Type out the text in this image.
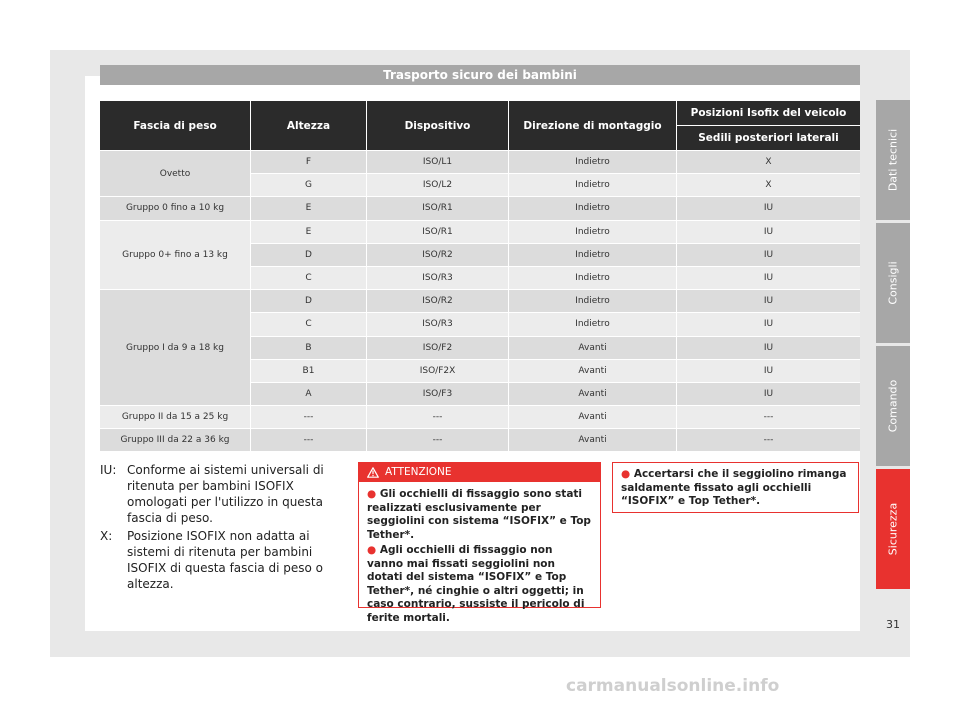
Trasporto sicuro dei bambini
Fascia di peso	Altezza	Dispositivo	Direzione di montaggio	Posizioni Isofix del veicolo
				Sedili posteriori laterali
Ovetto	F	ISO/L1	Indietro	X
	G	ISO/L2	Indietro	X
Gruppo 0 fino a 10 kg	E	ISO/R1	Indietro	IU
Gruppo 0+ fino a 13 kg	E	ISO/R1	Indietro	IU
	D	ISO/R2	Indietro	IU
	C	ISO/R3	Indietro	IU
Gruppo I da 9 a 18 kg	D	ISO/R2	Indietro	IU
	C	ISO/R3	Indietro	IU
	B	ISO/F2	Avanti	IU
	B1	ISO/F2X	Avanti	IU
	A	ISO/F3	Avanti	IU
Gruppo II da 15 a 25 kg	---	---	Avanti	---
Gruppo III da 22 a 36 kg	---	---	Avanti	---
IU: Conforme ai sistemi universali di ritenuta per bambini ISOFIX omologati per l'utilizzo in questa fascia di peso.
X:	Posizione ISOFIX non adatta ai sistemi di ritenuta per bambini ISOFIX di questa fascia di peso o altezza.
ATTENZIONE

● Gli occhielli di fissaggio sono stati realizzati esclusivamente per seggiolini con sistema “ISOFIX” e Top Tether*.

● Agli occhielli di fissaggio non vanno mai fissati seggiolini non dotati del sistema “ISOFIX” e Top Tether*, né cinghie o altri oggetti; in caso contrario, sussiste il pericolo di ferite mortali.

● Accertarsi che il seggiolino rimanga saldamente fissato agli occhielli “ISOFIX” e Top Tether*.
Dati tecnici
Consigli
Comando
Sicurezza
31
carmanualsonline.info
